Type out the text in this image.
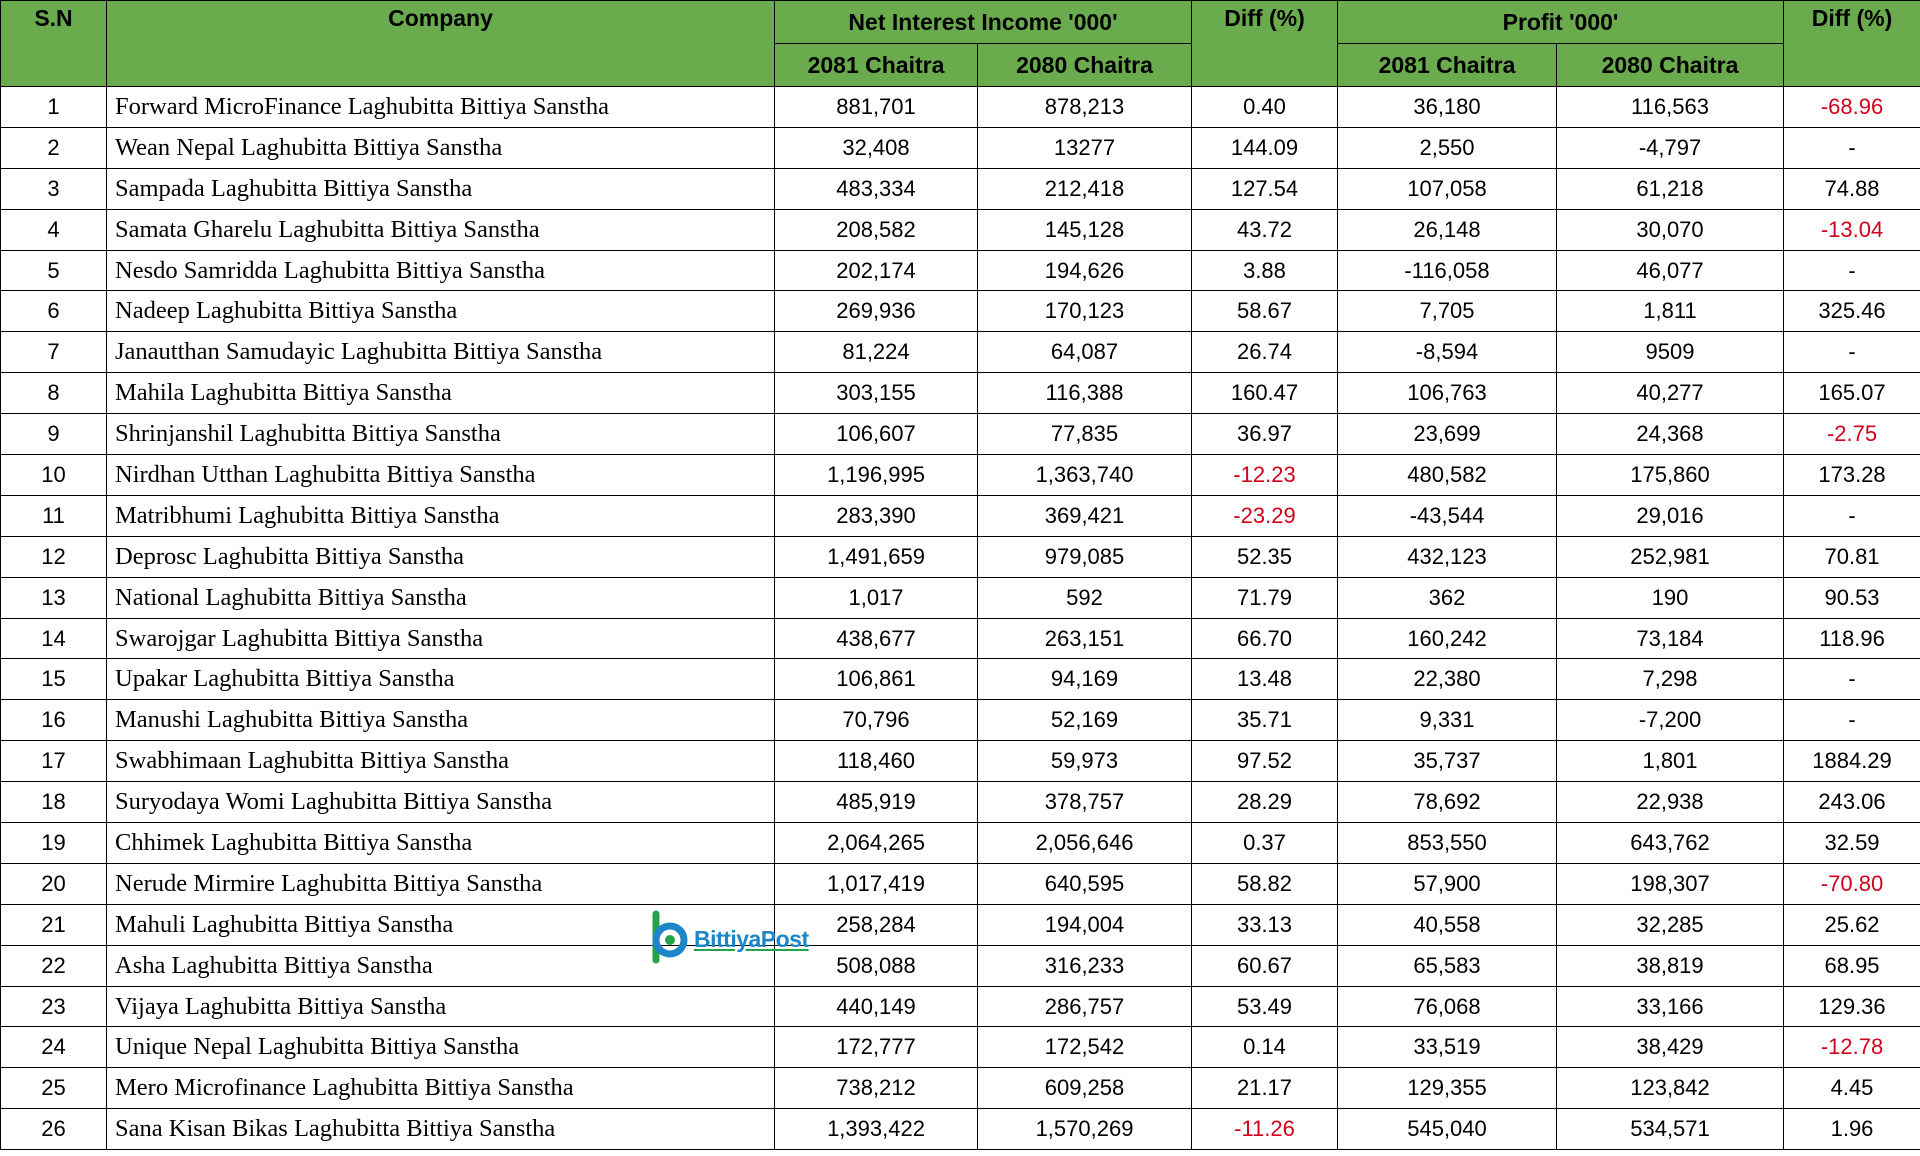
S.N	Company	Net Interest Income '000'		Diff (%)	Profit '000'		Diff (%)
		2081 Chaitra	2080 Chaitra		2081 Chaitra	2080 Chaitra	
1	Forward MicroFinance Laghubitta Bittiya Sanstha	881,701	878,213	0.40	36,180	116,563	-68.96
2	Wean Nepal Laghubitta Bittiya Sanstha	32,408	13277	144.09	2,550	-4,797	-
3	Sampada Laghubitta Bittiya Sanstha	483,334	212,418	127.54	107,058	61,218	74.88
4	Samata Gharelu Laghubitta Bittiya Sanstha	208,582	145,128	43.72	26,148	30,070	-13.04
5	Nesdo Samridda Laghubitta Bittiya Sanstha	202,174	194,626	3.88	-116,058	46,077	-
6	Nadeep Laghubitta Bittiya Sanstha	269,936	170,123	58.67	7,705	1,811	325.46
7	Janautthan Samudayic Laghubitta Bittiya Sanstha	81,224	64,087	26.74	-8,594	9509	-
8	Mahila Laghubitta Bittiya Sanstha	303,155	116,388	160.47	106,763	40,277	165.07
9	Shrinjanshil Laghubitta Bittiya Sanstha	106,607	77,835	36.97	23,699	24,368	-2.75
10	Nirdhan Utthan Laghubitta Bittiya Sanstha	1,196,995	1,363,740	-12.23	480,582	175,860	173.28
11	Matribhumi Laghubitta Bittiya Sanstha	283,390	369,421	-23.29	-43,544	29,016	-
12	Deprosc Laghubitta Bittiya Sanstha	1,491,659	979,085	52.35	432,123	252,981	70.81
13	National Laghubitta Bittiya Sanstha	1,017	592	71.79	362	190	90.53
14	Swarojgar Laghubitta Bittiya Sanstha	438,677	263,151	66.70	160,242	73,184	118.96
15	Upakar Laghubitta Bittiya Sanstha	106,861	94,169	13.48	22,380	7,298	-
16	Manushi Laghubitta Bittiya Sanstha	70,796	52,169	35.71	9,331	-7,200	-
17	Swabhimaan Laghubitta Bittiya Sanstha	118,460	59,973	97.52	35,737	1,801	1884.29
18	Suryodaya Womi Laghubitta Bittiya Sanstha	485,919	378,757	28.29	78,692	22,938	243.06
19	Chhimek Laghubitta Bittiya Sanstha	2,064,265	2,056,646	0.37	853,550	643,762	32.59
20	Nerude Mirmire Laghubitta Bittiya Sanstha	1,017,419	640,595	58.82	57,900	198,307	-70.80
21	Mahuli Laghubitta Bittiya Sanstha	258,284	194,004	33.13	40,558	32,285	25.62
22	Asha Laghubitta Bittiya Sanstha	508,088	316,233	60.67	65,583	38,819	68.95
23	Vijaya Laghubitta Bittiya Sanstha	440,149	286,757	53.49	76,068	33,166	129.36
24	Unique Nepal Laghubitta Bittiya Sanstha	172,777	172,542	0.14	33,519	38,429	-12.78
25	Mero Microfinance Laghubitta Bittiya Sanstha	738,212	609,258	21.17	129,355	123,842	4.45
26	Sana Kisan Bikas Laghubitta Bittiya Sanstha	1,393,422	1,570,269	-11.26	545,040	534,571	1.96
BittiyaPost
